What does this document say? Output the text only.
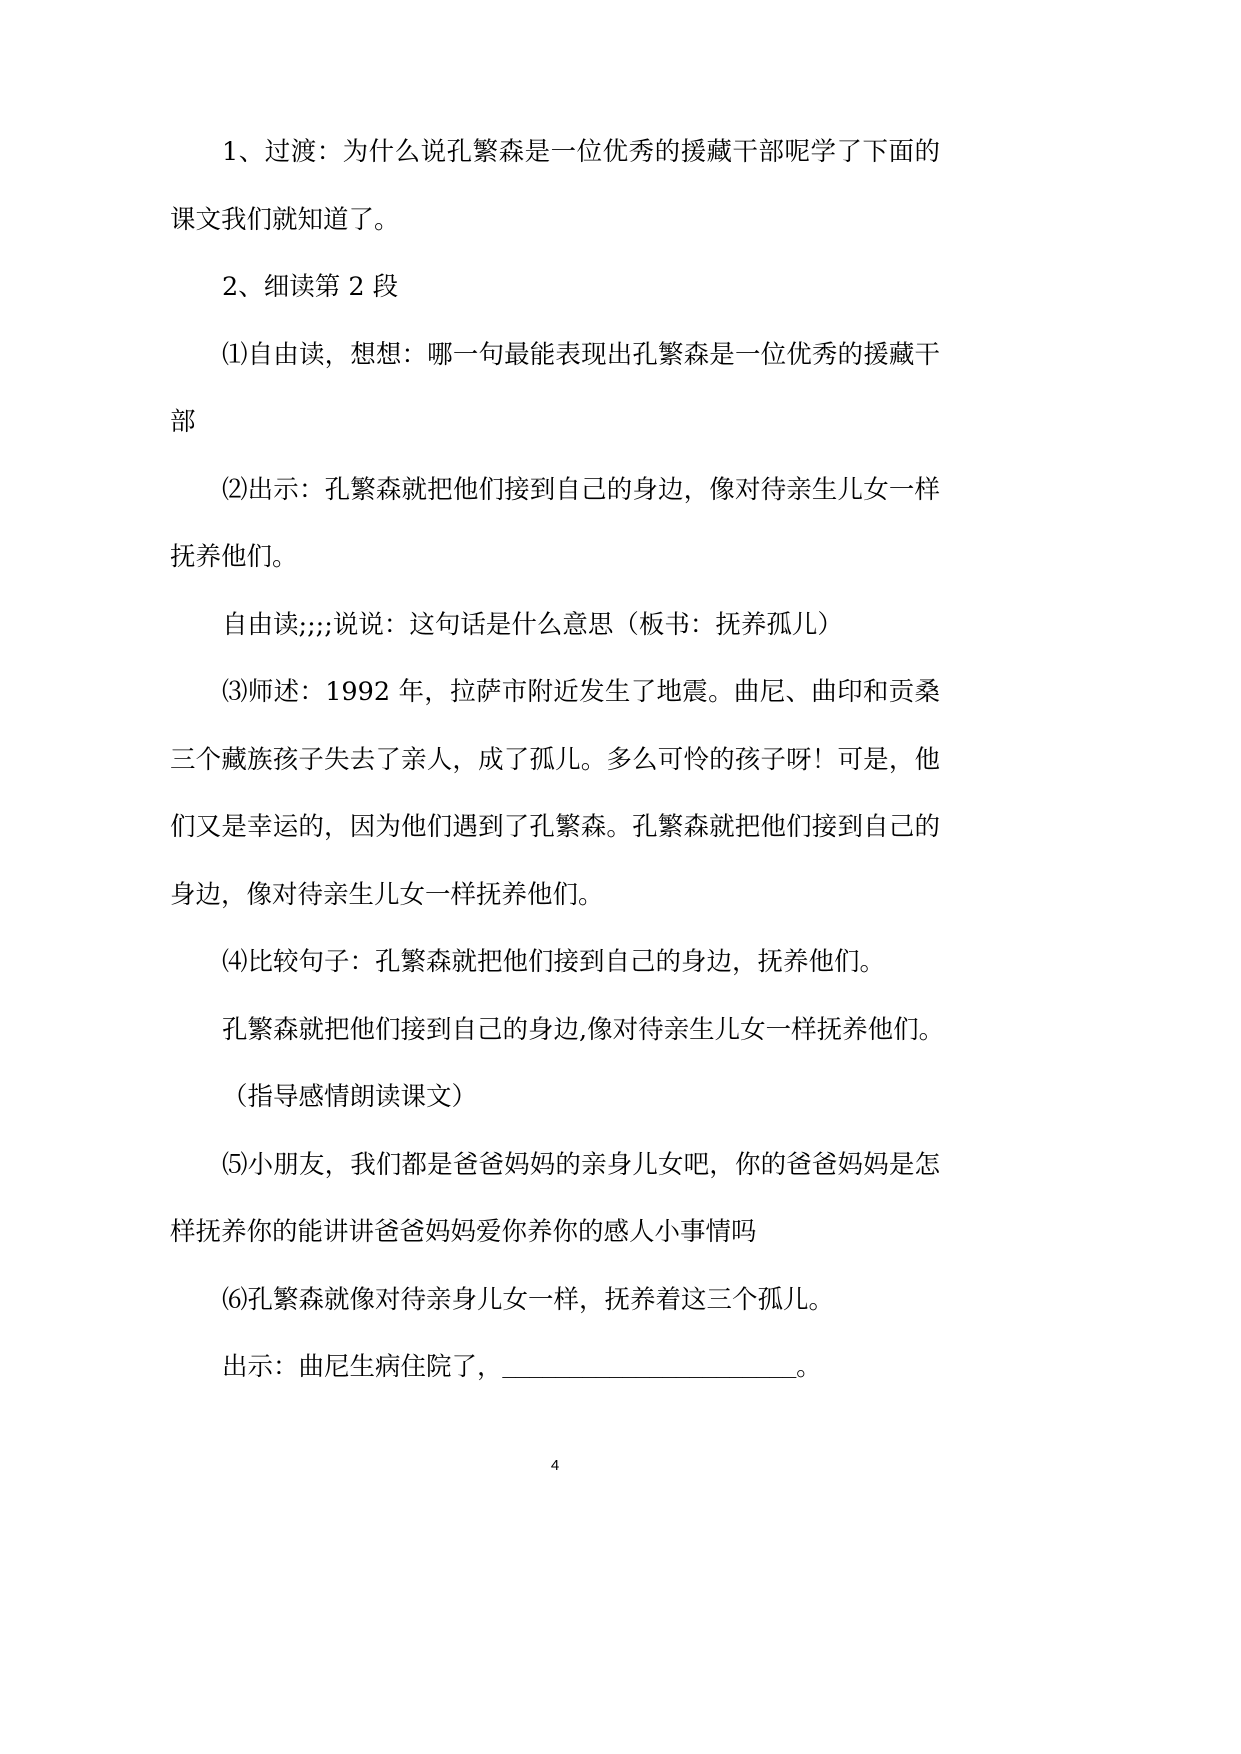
1、过渡：为什么说孔繁森是一位优秀的援藏干部呢学了下面的
课文我们就知道了。
2、细读第 2 段
⑴自由读，想想：哪一句最能表现出孔繁森是一位优秀的援藏干
部
⑵出示：孔繁森就把他们接到自己的身边，像对待亲生儿女一样
抚养他们。
自由读;;;;说说：这句话是什么意思（板书：抚养孤儿）
⑶师述：1992 年，拉萨市附近发生了地震。曲尼、曲印和贡桑
三个藏族孩子失去了亲人，成了孤儿。多么可怜的孩子呀！可是，他
们又是幸运的，因为他们遇到了孔繁森。孔繁森就把他们接到自己的
身边，像对待亲生儿女一样抚养他们。
⑷比较句子：孔繁森就把他们接到自己的身边，抚养他们。
孔繁森就把他们接到自己的身边,像对待亲生儿女一样抚养他们。
（指导感情朗读课文）
⑸小朋友，我们都是爸爸妈妈的亲身儿女吧，你的爸爸妈妈是怎
样抚养你的能讲讲爸爸妈妈爱你养你的感人小事情吗
⑹孔繁森就像对待亲身儿女一样，抚养着这三个孤儿。
出示：曲尼生病住院了，______________________。
4
